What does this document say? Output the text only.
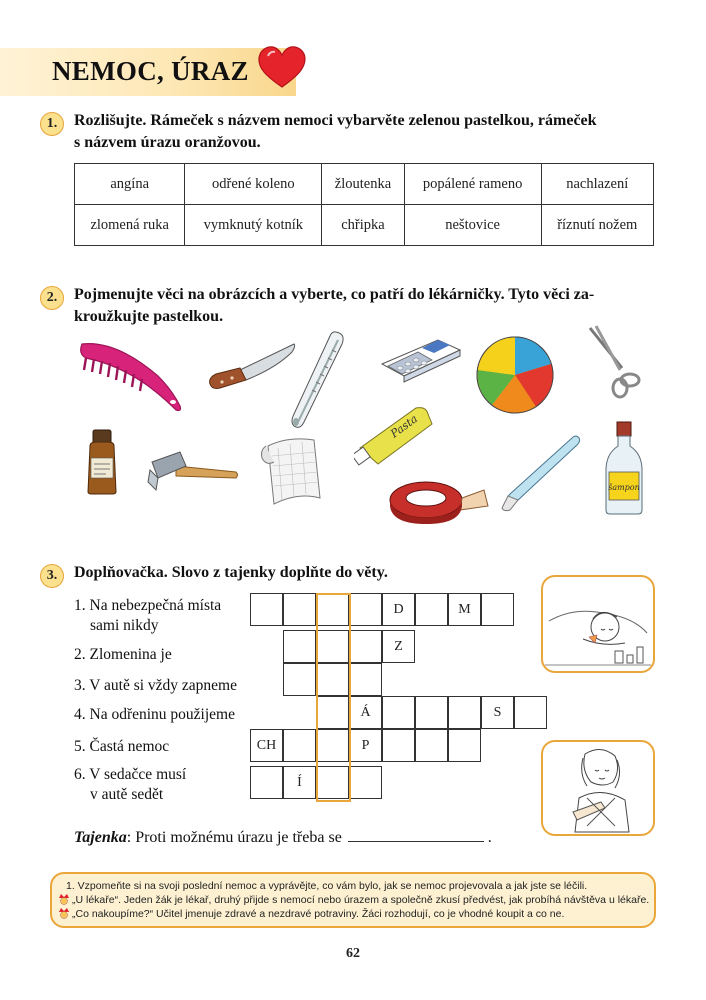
NEMOC, ÚRAZ
1.	Rozlišujte. Rámeček s názvem nemoci vybarvěte zelenou pastelkou, rámeček
s názvem úrazu oranžovou.
angína	odřené koleno	žloutenka	popálené rameno	nachlazení
zlomená ruka	vymknutý kotník	chřipka	neštovice	říznutí nožem
2.	Pojmenujte věci na obrázcích a vyberte, co patří do lékárničky. Tyto věci za-
kroužkujte pastelkou.
Pasta
šampon
3.	Doplňovačka. Slovo z tajenky doplňte do věty.
1. Na nebezpečná místa
sami nikdy
2. Zlomenina je
3. V autě si vždy zapneme
4. Na odřeninu použijeme
5. Častá nemoc
6. V sedačce musí
v autě sedět
D	M
Z
Á	S
CH	P
Í
Tajenka: Proti možnému úrazu je třeba se	.
1. Vzpomeňte si na svoji poslední nemoc a vyprávějte, co vám bylo, jak se nemoc projevovala a jak jste se léčili.
„U lékaře“. Jeden žák je lékař, druhý přijde s nemocí nebo úrazem a společně zkusí předvést, jak probíhá návštěva u lékaře.
„Co nakoupíme?“ Učitel jmenuje zdravé a nezdravé potraviny. Žáci rozhodují, co je vhodné koupit a co ne.
62
